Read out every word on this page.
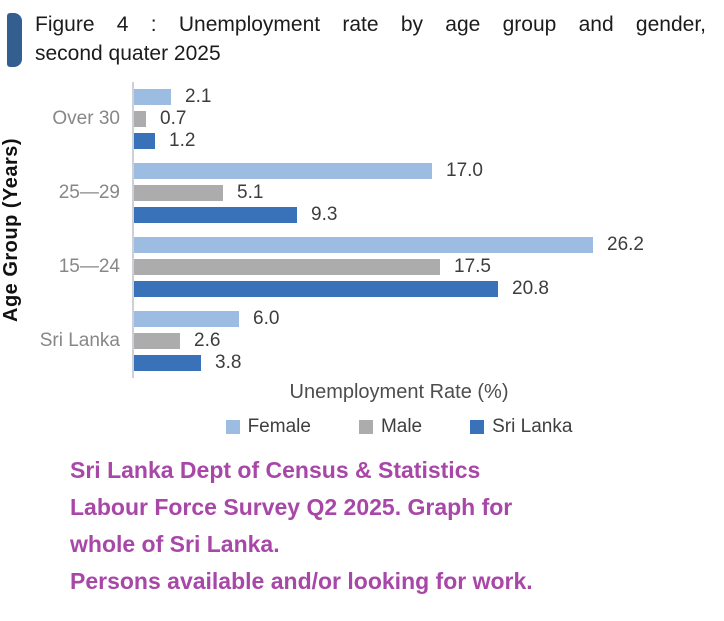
Figure 4 : Unemployment rate by age group and gender,
second quater 2025
Age Group (Years)
Over 30
2.1
0.7
1.2
25—29
17.0
5.1
9.3
15—24
26.2
17.5
20.8
Sri Lanka
6.0
2.6
3.8
Unemployment Rate (%)
Female	Male	Sri Lanka
Sri Lanka Dept of Census & Statistics
Labour Force Survey Q2 2025. Graph for
whole of Sri Lanka.
Persons available and/or looking for work.
